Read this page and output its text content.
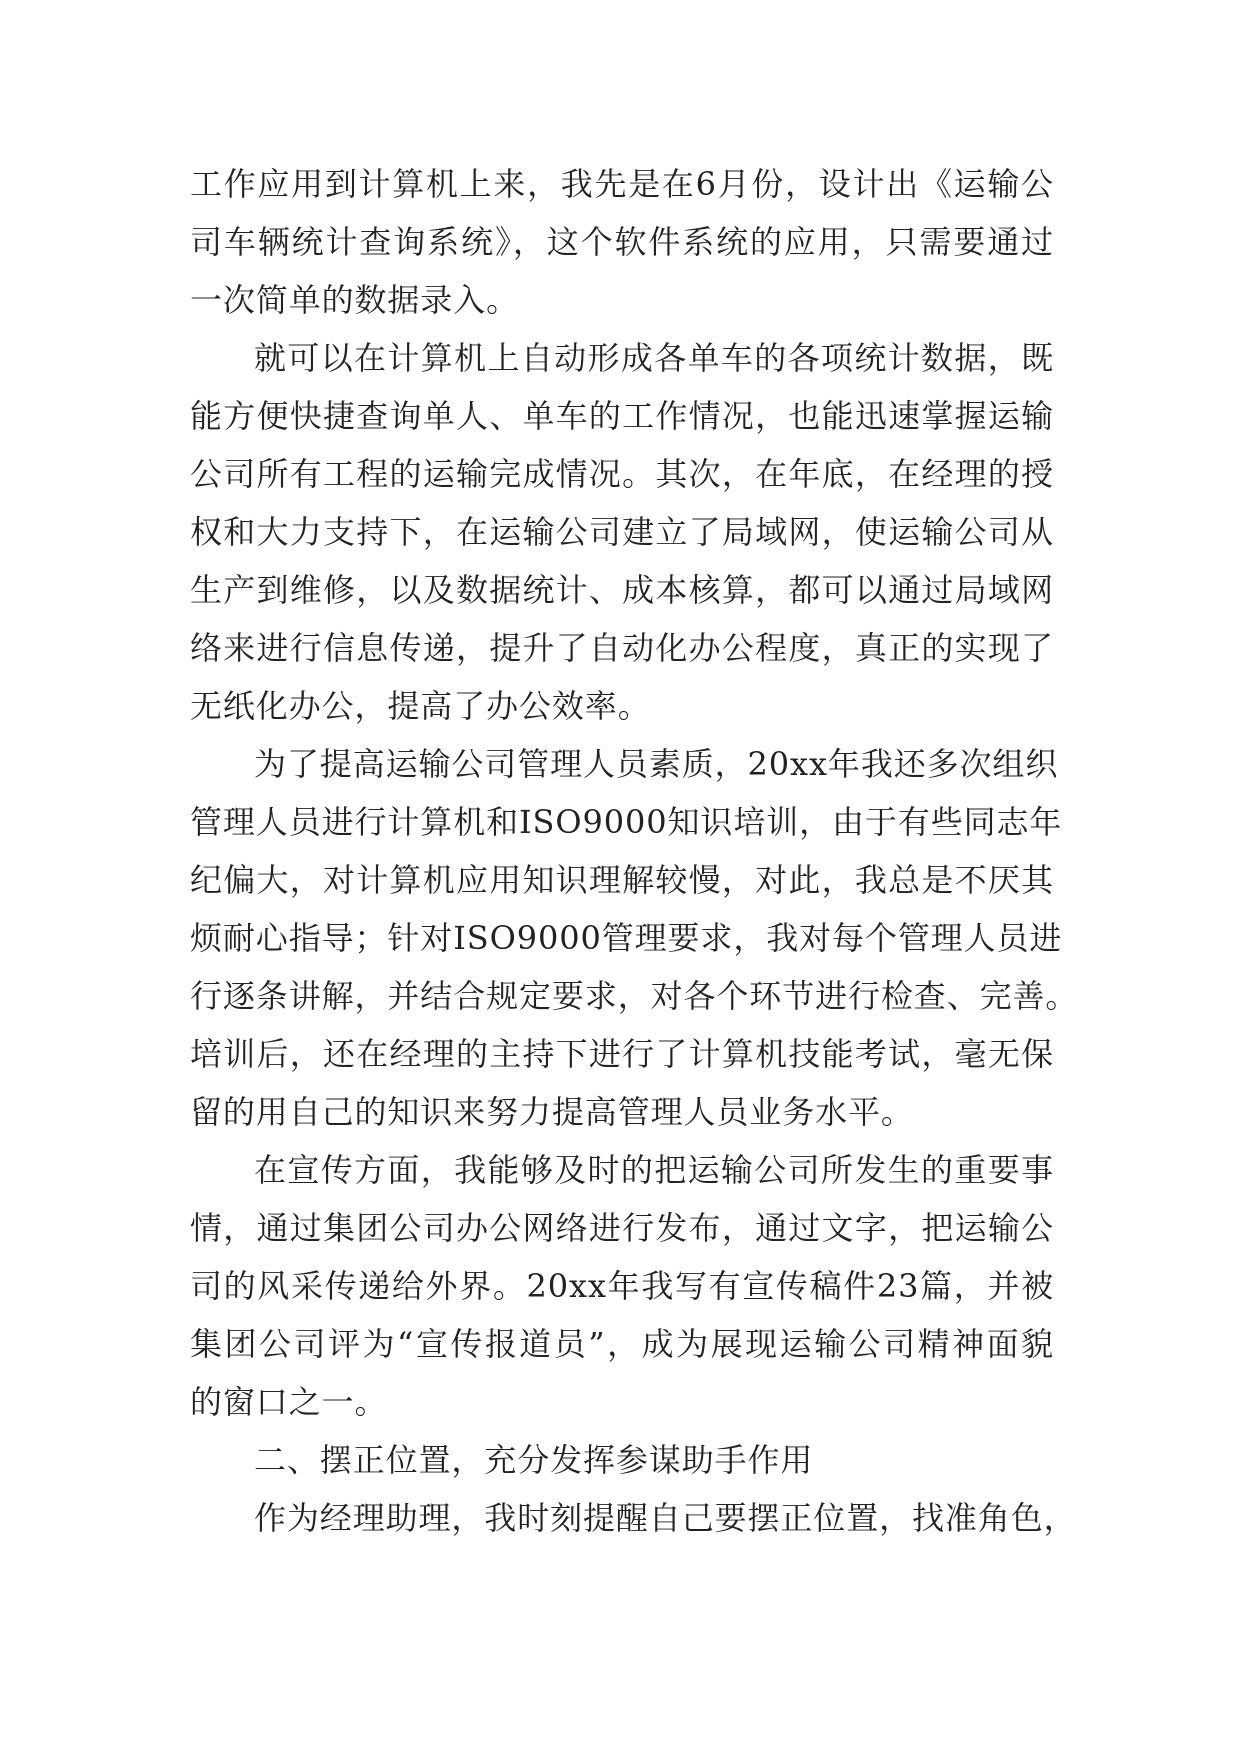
工作应用到计算机上来，我先是在6月份，设计出《运输公
司车辆统计查询系统》，这个软件系统的应用，只需要通过
一次简单的数据录入。
就可以在计算机上自动形成各单车的各项统计数据，既
能方便快捷查询单人、单车的工作情况，也能迅速掌握运输
公司所有工程的运输完成情况。其次，在年底，在经理的授
权和大力支持下，在运输公司建立了局域网，使运输公司从
生产到维修，以及数据统计、成本核算，都可以通过局域网
络来进行信息传递，提升了自动化办公程度，真正的实现了
无纸化办公，提高了办公效率。
为了提高运输公司管理人员素质，20xx年我还多次组织
管理人员进行计算机和ISO9000知识培训，由于有些同志年
纪偏大，对计算机应用知识理解较慢，对此，我总是不厌其
烦耐心指导；针对ISO9000管理要求，我对每个管理人员进
行逐条讲解，并结合规定要求，对各个环节进行检查、完善。
培训后，还在经理的主持下进行了计算机技能考试，毫无保
留的用自己的知识来努力提高管理人员业务水平。
在宣传方面，我能够及时的把运输公司所发生的重要事
情，通过集团公司办公网络进行发布，通过文字，把运输公
司的风采传递给外界。20xx年我写有宣传稿件23篇，并被
集团公司评为“宣传报道员”，成为展现运输公司精神面貌
的窗口之一。
二、摆正位置，充分发挥参谋助手作用
作为经理助理，我时刻提醒自己要摆正位置，找准角色，
